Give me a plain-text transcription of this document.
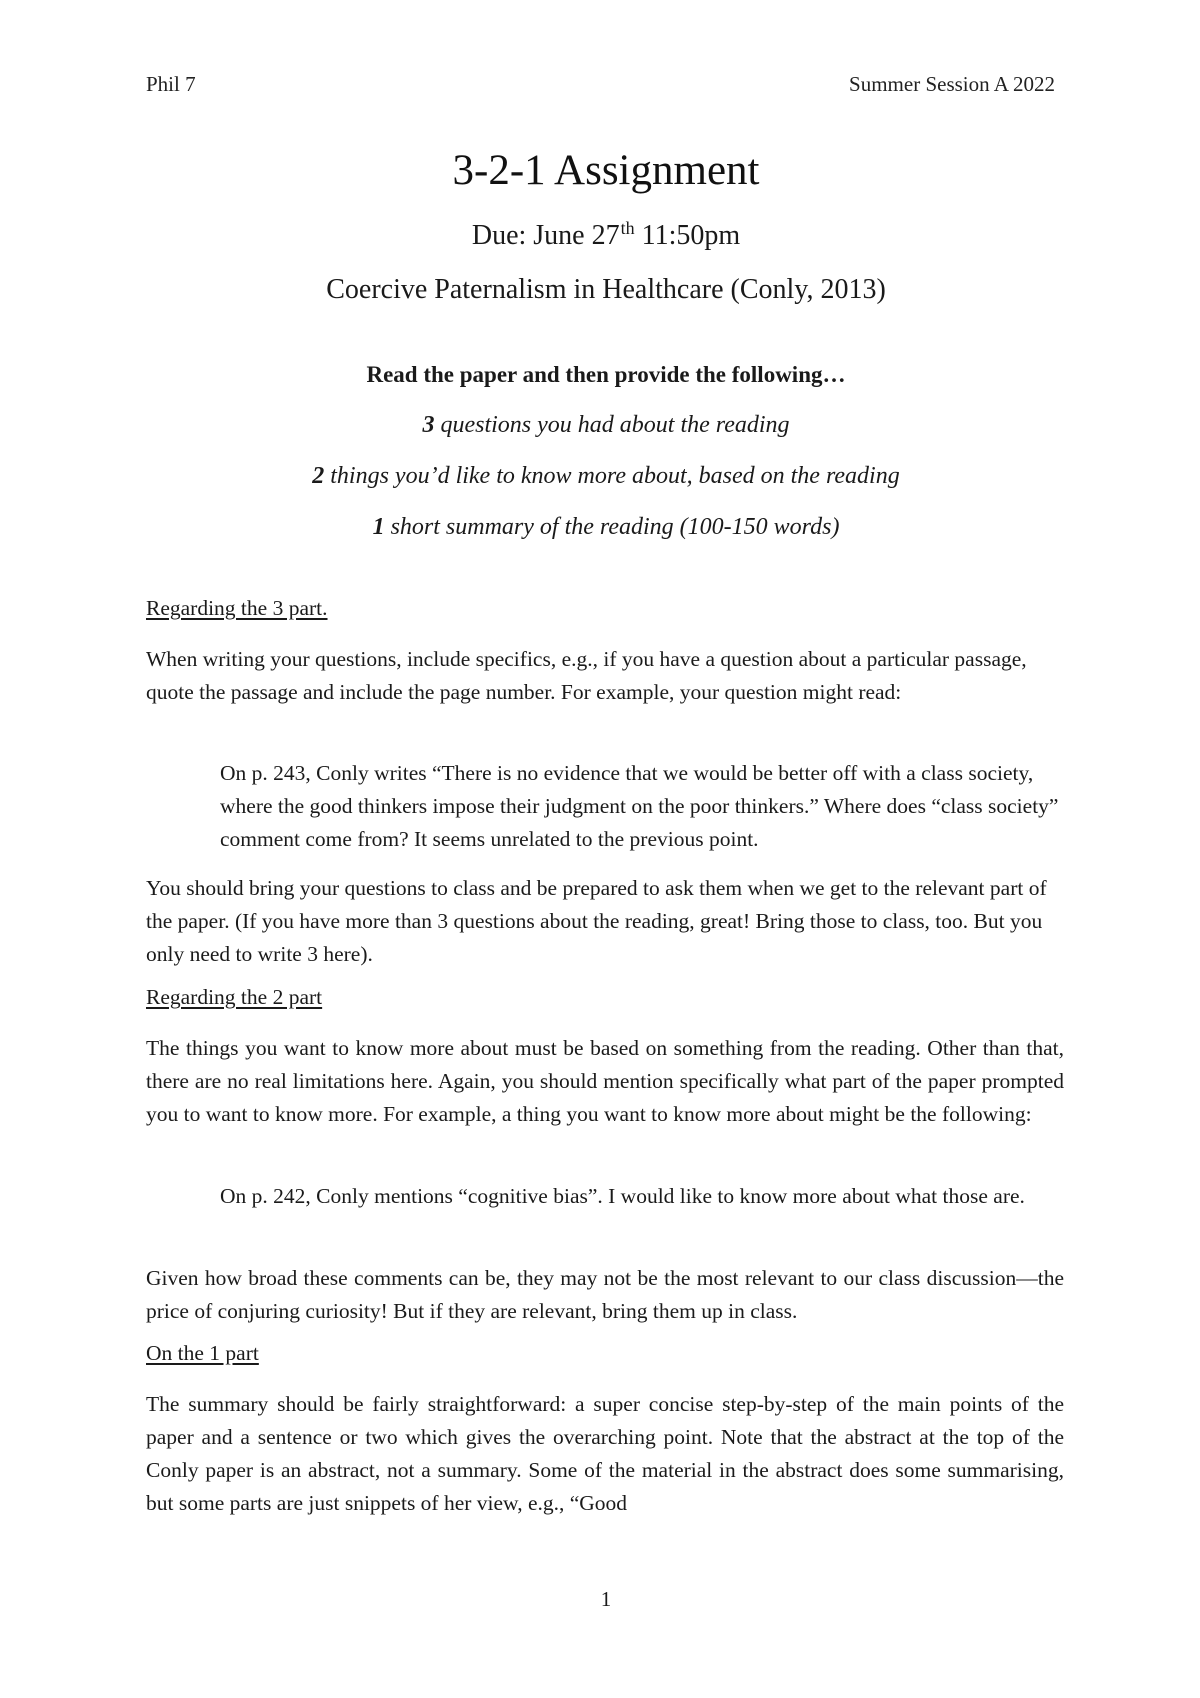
Phil 7	Summer Session A 2022
3-2-1 Assignment
Due: June 27th 11:50pm
Coercive Paternalism in Healthcare (Conly, 2013)
Read the paper and then provide the following…
3 questions you had about the reading
2 things you’d like to know more about, based on the reading
1 short summary of the reading (100-150 words)
Regarding the 3 part.
When writing your questions, include specifics, e.g., if you have a question about a particular passage, quote the passage and include the page number. For example, your question might read:
On p. 243, Conly writes “There is no evidence that we would be better off with a class society, where the good thinkers impose their judgment on the poor thinkers.” Where does “class society” comment come from? It seems unrelated to the previous point.
You should bring your questions to class and be prepared to ask them when we get to the relevant part of the paper. (If you have more than 3 questions about the reading, great! Bring those to class, too. But you only need to write 3 here).
Regarding the 2 part
The things you want to know more about must be based on something from the reading. Other than that, there are no real limitations here. Again, you should mention specifically what part of the paper prompted you to want to know more. For example, a thing you want to know more about might be the following:
On p. 242, Conly mentions “cognitive bias”. I would like to know more about what those are.
Given how broad these comments can be, they may not be the most relevant to our class discussion—the price of conjuring curiosity! But if they are relevant, bring them up in class.
On the 1 part
The summary should be fairly straightforward: a super concise step-by-step of the main points of the paper and a sentence or two which gives the overarching point. Note that the abstract at the top of the Conly paper is an abstract, not a summary. Some of the material in the abstract does some summarising, but some parts are just snippets of her view, e.g., “Good
1
